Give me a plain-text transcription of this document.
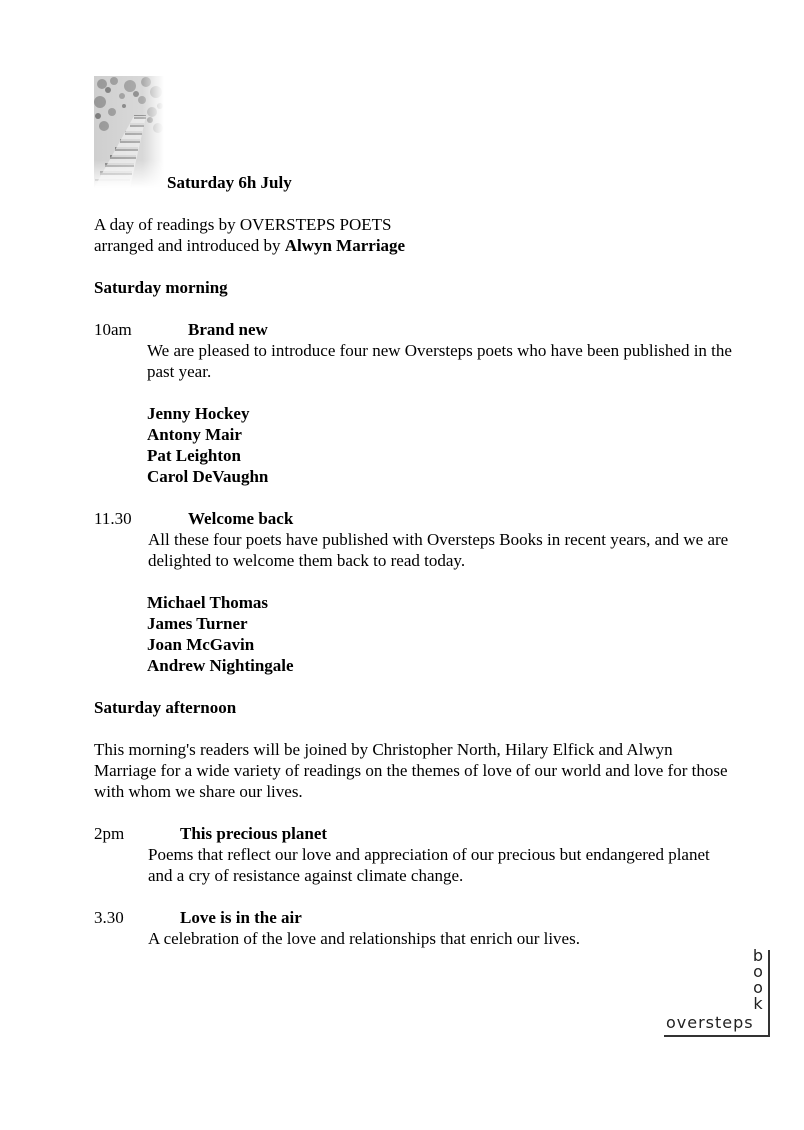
Saturday 6h July
A day of readings by OVERSTEPS POETS
arranged and introduced by Alwyn Marriage
Saturday morning
10am	Brand new
We are pleased to introduce four new Oversteps poets who have been published in the
past year.
Jenny Hockey
Antony Mair
Pat Leighton
Carol DeVaughn
11.30	Welcome back
All these four poets have published with Oversteps Books in recent years, and we are
delighted to welcome them back to read today.
Michael Thomas
James Turner
Joan McGavin
Andrew Nightingale
Saturday afternoon
This morning's readers will be joined by Christopher North, Hilary Elfick and Alwyn
Marriage for a wide variety of readings on the themes of love of our world and love for those
with whom we share our lives.
2pm	This precious planet
Poems that reflect our love and appreciation of our precious but endangered planet
and a cry of resistance against climate change.
3.30	Love is in the air
A celebration of the love and relationships that enrich our lives.
b
o
o
k
oversteps
